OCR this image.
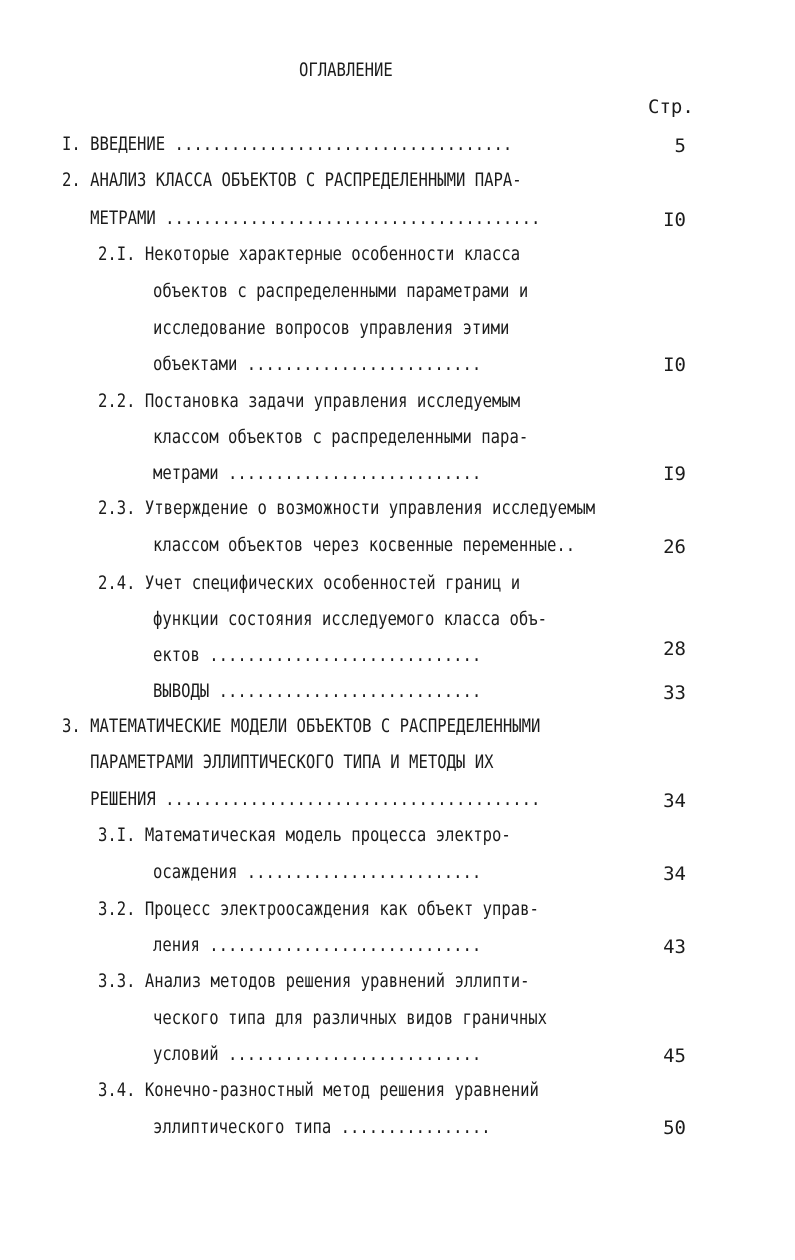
ОГЛАВЛЕНИЕ
Стр.
I. ВВЕДЕНИЕ ....................................	5
2. АНАЛИЗ КЛАССА ОБЪЕКТОВ С РАСПРЕДЕЛЕННЫМИ ПАРА-
МЕТРАМИ ........................................	I0
2.I. Некоторые характерные особенности класса
объектов с распределенными параметрами и
исследование вопросов управления этими
объектами .........................	I0
2.2. Постановка задачи управления исследуемым
классом объектов с распределенными пара-
метрами ...........................	I9
2.3. Утверждение о возможности управления исследуемым
классом объектов через косвенные переменные..	26
2.4. Учет специфических особенностей границ и
функции состояния исследуемого класса объ-
ектов .............................	28
ВЫВОДЫ ............................	33
3. МАТЕМАТИЧЕСКИЕ МОДЕЛИ ОБЪЕКТОВ С РАСПРЕДЕЛЕННЫМИ
ПАРАМЕТРАМИ ЭЛЛИПТИЧЕСКОГО ТИПА И МЕТОДЫ ИХ
РЕШЕНИЯ ........................................	34
3.I. Математическая модель процесса электро-
осаждения .........................	34
3.2. Процесс электроосаждения как объект управ-
ления .............................	43
3.3. Анализ методов решения уравнений эллипти-
ческого типа для различных видов граничных
условий ...........................	45
3.4. Конечно-разностный метод решения уравнений
эллиптического типа ................	50
